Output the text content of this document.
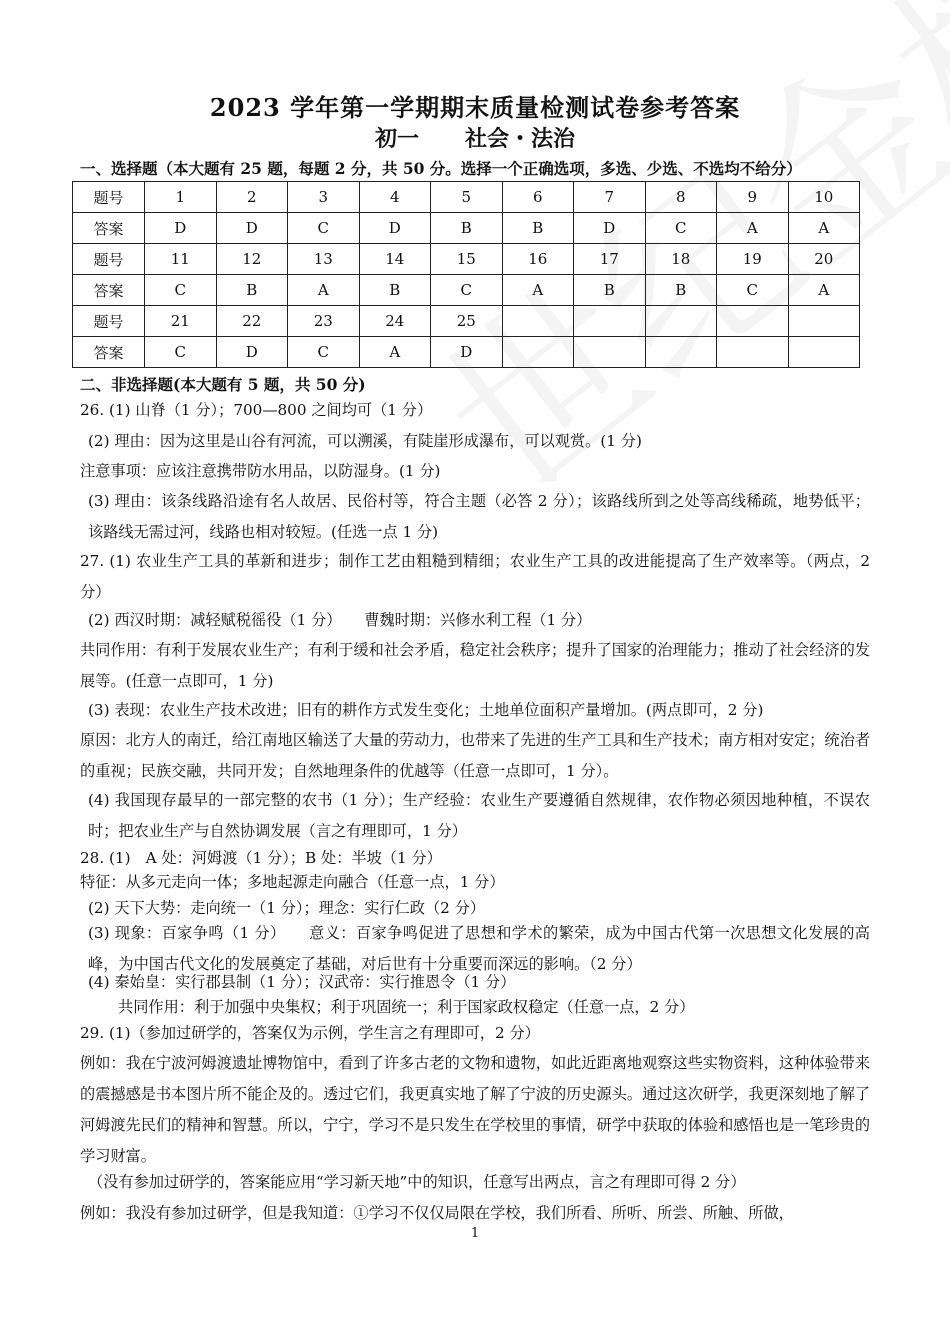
2023 学年第一学期期末质量检测试卷参考答案
初一 社会・法治
一、选择题（本大题有 25 题，每题 2 分，共 50 分。选择一个正确选项，多选、少选、不选均不给分）
题号	1	2	3	4	5	6	7	8	9	10
答案	D	D	C	D	B	B	D	C	A	A
题号	11	12	13	14	15	16	17	18	19	20
答案	C	B	A	B	C	A	B	B	C	A
题号	21	22	23	24	25					
答案	C	D	C	A	D					
二、非选择题(本大题有 5 题，共 50 分)
26. (1) 山脊（1 分）；700—800 之间均可（1 分）
(2) 理由：因为这里是山谷有河流，可以溯溪，有陡崖形成瀑布，可以观赏。(1 分)
注意事项：应该注意携带防水用品，以防湿身。(1 分)
(3) 理由：该条线路沿途有名人故居、民俗村等，符合主题（必答 2 分）；该路线所到之处等高线稀疏，地势低平；该路线无需过河，线路也相对较短。(任选一点 1 分)
27. (1) 农业生产工具的革新和进步；制作工艺由粗糙到精细；农业生产工具的改进能提高了生产效率等。（两点，2 分）
(2) 西汉时期：减轻赋税徭役（1 分）　　曹魏时期：兴修水利工程（1 分）
共同作用：有利于发展农业生产；有利于缓和社会矛盾，稳定社会秩序；提升了国家的治理能力；推动了社会经济的发展等。(任意一点即可，1 分)
(3) 表现：农业生产技术改进；旧有的耕作方式发生变化；土地单位面积产量增加。(两点即可，2 分)
原因：北方人的南迁，给江南地区输送了大量的劳动力，也带来了先进的生产工具和生产技术；南方相对安定；统治者的重视；民族交融，共同开发；自然地理条件的优越等（任意一点即可，1 分）。
(4) 我国现存最早的一部完整的农书（1 分）；生产经验：农业生产要遵循自然规律，农作物必须因地种植，不误农时；把农业生产与自然协调发展（言之有理即可，1 分）
28. (1)　A 处：河姆渡（1 分）；B 处：半坡（1 分）
特征：从多元走向一体；多地起源走向融合（任意一点，1 分）
(2) 天下大势：走向统一（1 分）；理念：实行仁政（2 分）
(3) 现象：百家争鸣（1 分）　　意义：百家争鸣促进了思想和学术的繁荣，成为中国古代第一次思想文化发展的高峰，为中国古代文化的发展奠定了基础，对后世有十分重要而深远的影响。（2 分）
(4) 秦始皇：实行郡县制（1 分）；汉武帝：实行推恩令（1 分）
共同作用：利于加强中央集权；利于巩固统一；利于国家政权稳定（任意一点，2 分）
29. (1)（参加过研学的，答案仅为示例，学生言之有理即可，2 分）
例如：我在宁波河姆渡遗址博物馆中，看到了许多古老的文物和遗物，如此近距离地观察这些实物资料，这种体验带来的震撼感是书本图片所不能企及的。透过它们，我更真实地了解了宁波的历史源头。通过这次研学，我更深刻地了解了河姆渡先民们的精神和智慧。所以，宁宁，学习不是只发生在学校里的事情，研学中获取的体验和感悟也是一笔珍贵的学习财富。
（没有参加过研学的，答案能应用“学习新天地”中的知识，任意写出两点，言之有理即可得 2 分）
例如：我没有参加过研学，但是我知道：①学习不仅仅局限在学校，我们所看、所听、所尝、所触、所做，
1
